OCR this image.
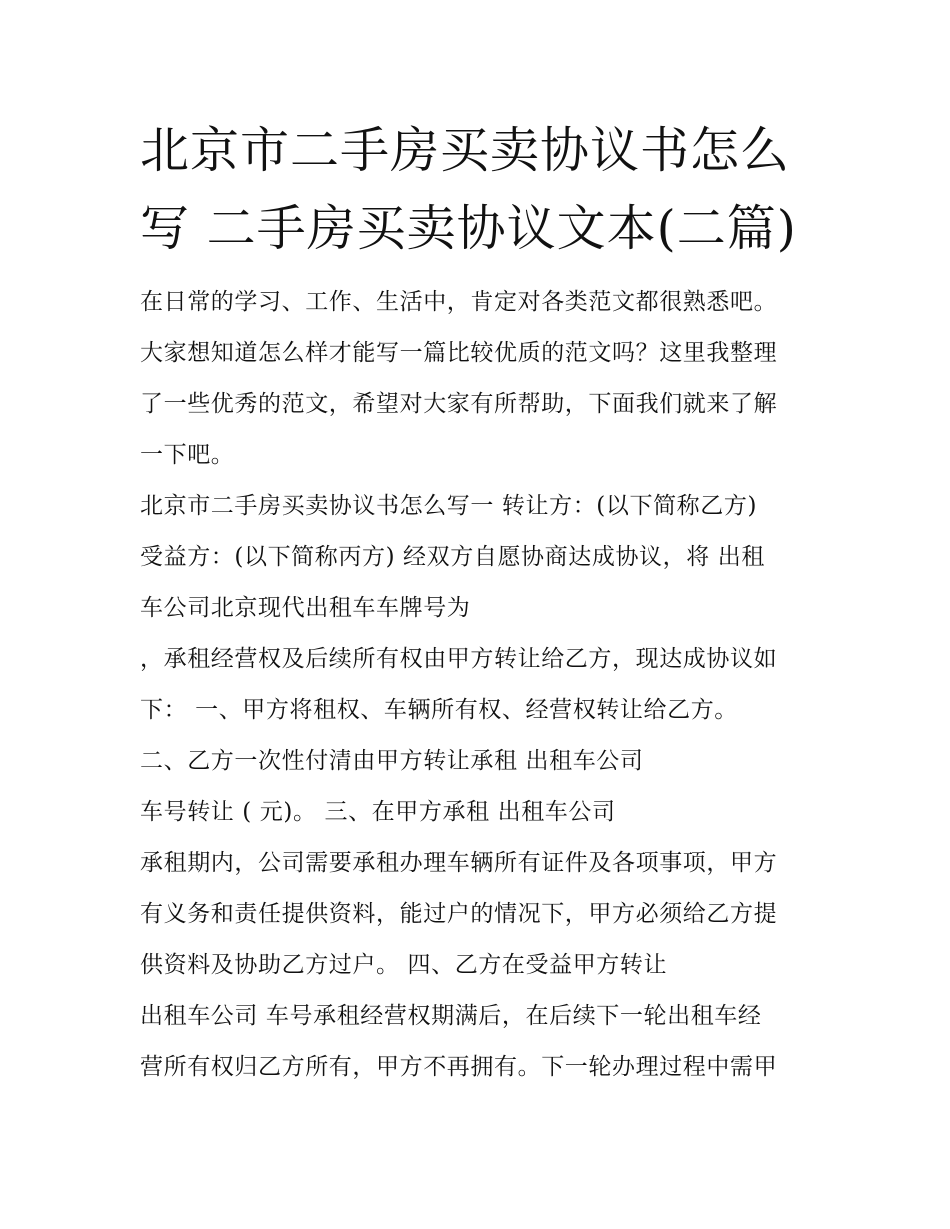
北京市二手房买卖协议书怎么
写 二手房买卖协议文本(二篇)
在日常的学习、工作、生活中，肯定对各类范文都很熟悉吧。
大家想知道怎么样才能写一篇比较优质的范文吗？这里我整理
了一些优秀的范文，希望对大家有所帮助，下面我们就来了解
一下吧。
北京市二手房买卖协议书怎么写一 转让方：(以下简称乙方)
受益方：(以下简称丙方) 经双方自愿协商达成协议，将 出租
车公司北京现代出租车车牌号为
，承租经营权及后续所有权由甲方转让给乙方，现达成协议如
下： 一、甲方将租权、车辆所有权、经营权转让给乙方。
二、乙方一次性付清由甲方转让承租 出租车公司
车号转让 ( 元)。 三、在甲方承租 出租车公司
承租期内，公司需要承租办理车辆所有证件及各项事项，甲方
有义务和责任提供资料，能过户的情况下，甲方必须给乙方提
供资料及协助乙方过户。 四、乙方在受益甲方转让
出租车公司 车号承租经营权期满后，在后续下一轮出租车经
营所有权归乙方所有，甲方不再拥有。下一轮办理过程中需甲
